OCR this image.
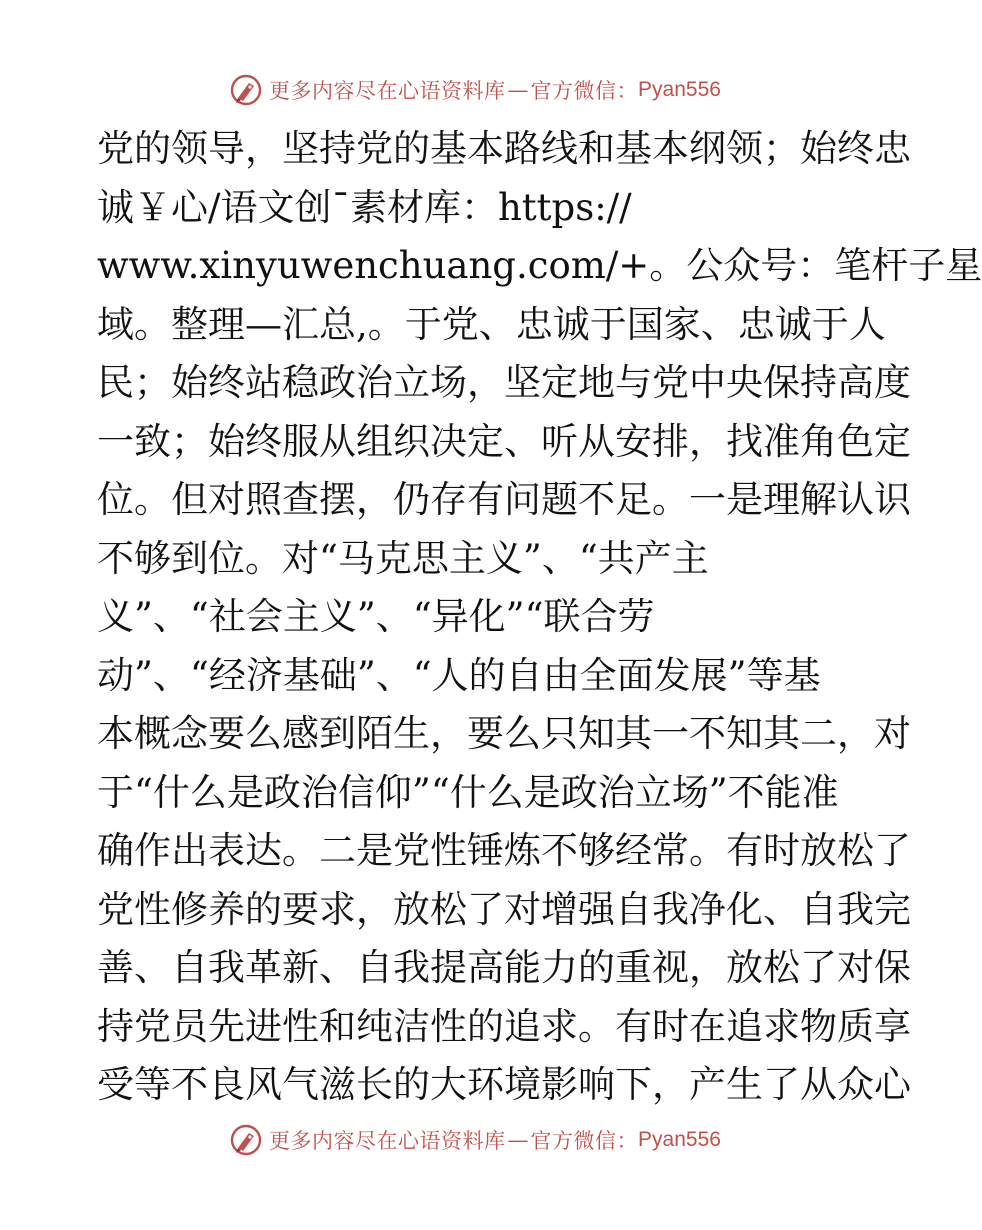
更多内容尽在心语资料库 — 官方微信： Pyan556
党的领导，坚持党的基本路线和基本纲领；始终忠
诚￥心/语文创¯素材库：https://
www.xinyuwenchuang.com/+。公众号：笔杆子星
域。整理—汇总,。于党、忠诚于国家、忠诚于人
民；始终站稳政治立场，坚定地与党中央保持高度
一致；始终服从组织决定、听从安排，找准角色定
位。但对照查摆，仍存有问题不足。一是理解认识
不够到位。对“马克思主义”、“共产主
义”、“社会主义”、“异化”“联合劳
动”、“经济基础”、“人的自由全面发展”等基
本概念要么感到陌生，要么只知其一不知其二，对
于“什么是政治信仰”“什么是政治立场”不能准
确作出表达。二是党性锤炼不够经常。有时放松了
党性修养的要求，放松了对增强自我净化、自我完
善、自我革新、自我提高能力的重视，放松了对保
持党员先进性和纯洁性的追求。有时在追求物质享
受等不良风气滋长的大环境影响下，产生了从众心
更多内容尽在心语资料库 — 官方微信： Pyan556
